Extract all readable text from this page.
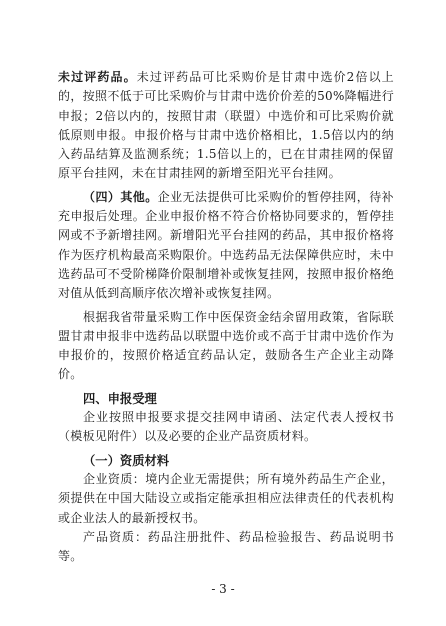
未过评药品。未过评药品可比采购价是甘肃中选价2倍以上的，按照不低于可比采购价与甘肃中选价价差的50%降幅进行申报；2倍以内的，按照甘肃（联盟）中选价和可比采购价就低原则申报。申报价格与甘肃中选价格相比，1.5倍以内的纳入药品结算及监测系统；1.5倍以上的，已在甘肃挂网的保留原平台挂网，未在甘肃挂网的新增至阳光平台挂网。

（四）其他。企业无法提供可比采购价的暂停挂网，待补充申报后处理。企业申报价格不符合价格协同要求的，暂停挂网或不予新增挂网。新增阳光平台挂网的药品，其申报价格将作为医疗机构最高采购限价。中选药品无法保障供应时，未中选药品可不受阶梯降价限制增补或恢复挂网，按照申报价格绝对值从低到高顺序依次增补或恢复挂网。

根据我省带量采购工作中医保资金结余留用政策，省际联盟甘肃申报非中选药品以联盟中选价或不高于甘肃中选价作为申报价的，按照价格适宜药品认定，鼓励各生产企业主动降价。

四、申报受理

企业按照申报要求提交挂网申请函、法定代表人授权书（模板见附件）以及必要的企业产品资质材料。

（一）资质材料

企业资质：境内企业无需提供；所有境外药品生产企业，须提供在中国大陆设立或指定能承担相应法律责任的代表机构或企业法人的最新授权书。

产品资质：药品注册批件、药品检验报告、药品说明书等。

- 3 -
